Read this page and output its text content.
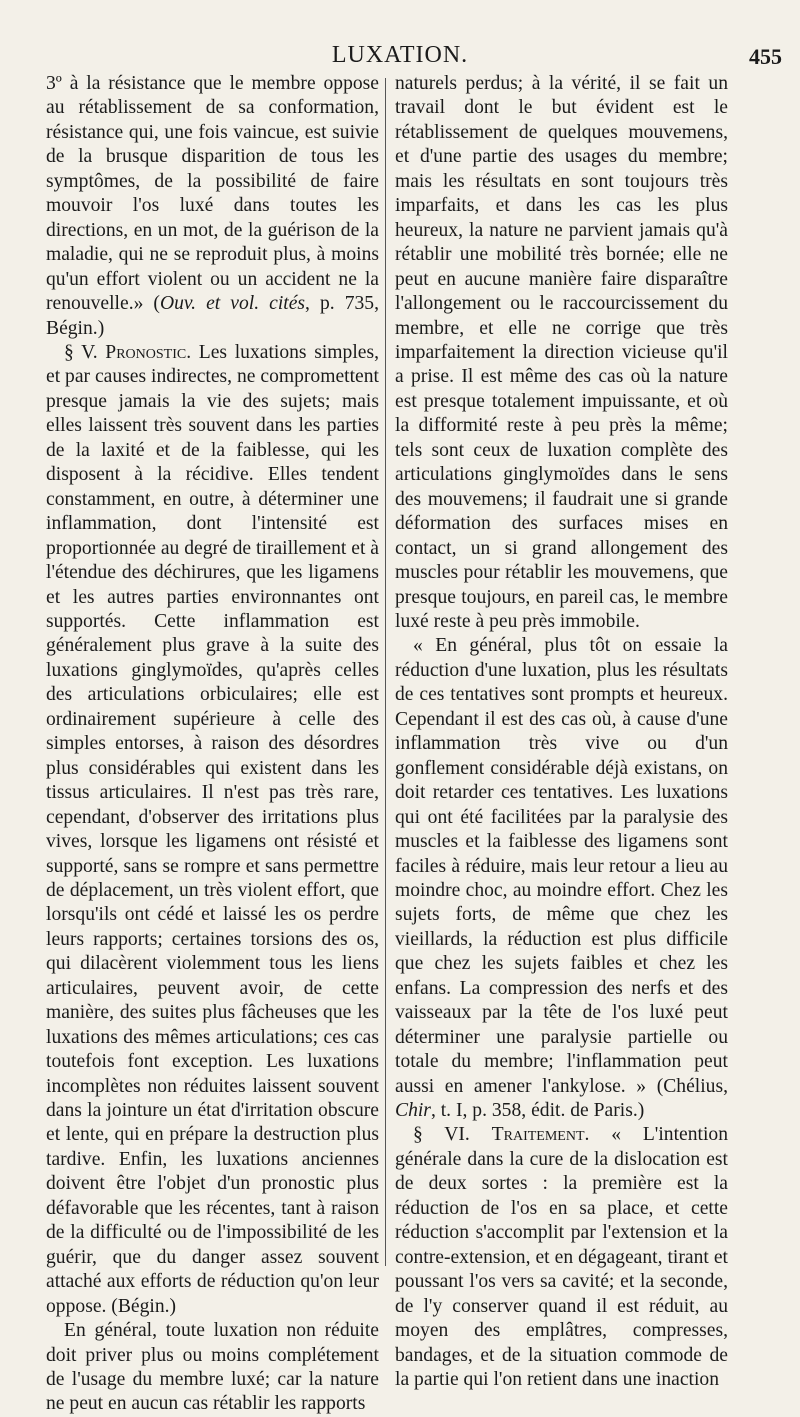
LUXATION.	455

3º à la résistance que le membre oppose au rétablissement de sa conformation, résistance qui, une fois vaincue, est suivie de la brusque disparition de tous les symptômes, de la possibilité de faire mouvoir l'os luxé dans toutes les directions, en un mot, de la guérison de la maladie, qui ne se reproduit plus, à moins qu'un effort violent ou un accident ne la renouvelle.» (Ouv. et vol. cités, p. 735, Bégin.)

§ V. Pronostic. Les luxations simples, et par causes indirectes, ne compromettent presque jamais la vie des sujets; mais elles laissent très souvent dans les parties de la laxité et de la faiblesse, qui les disposent à la récidive. Elles tendent constamment, en outre, à déterminer une inflammation, dont l'intensité est proportionnée au degré de tiraillement et à l'étendue des déchirures, que les ligamens et les autres parties environnantes ont supportés. Cette inflammation est généralement plus grave à la suite des luxations ginglymoïdes, qu'après celles des articulations orbiculaires; elle est ordinairement supérieure à celle des simples entorses, à raison des désordres plus considérables qui existent dans les tissus articulaires. Il n'est pas très rare, cependant, d'observer des irritations plus vives, lorsque les ligamens ont résisté et supporté, sans se rompre et sans permettre de déplacement, un très violent effort, que lorsqu'ils ont cédé et laissé les os perdre leurs rapports; certaines torsions des os, qui dilacèrent violemment tous les liens articulaires, peuvent avoir, de cette manière, des suites plus fâcheuses que les luxations des mêmes articulations; ces cas toutefois font exception. Les luxations incomplètes non réduites laissent souvent dans la jointure un état d'irritation obscure et lente, qui en prépare la destruction plus tardive. Enfin, les luxations anciennes doivent être l'objet d'un pronostic plus défavorable que les récentes, tant à raison de la difficulté ou de l'impossibilité de les guérir, que du danger assez souvent attaché aux efforts de réduction qu'on leur oppose. (Bégin.)

En général, toute luxation non réduite doit priver plus ou moins complétement de l'usage du membre luxé; car la nature ne peut en aucun cas rétablir les rapports

naturels perdus; à la vérité, il se fait un travail dont le but évident est le rétablissement de quelques mouvemens, et d'une partie des usages du membre; mais les résultats en sont toujours très imparfaits, et dans les cas les plus heureux, la nature ne parvient jamais qu'à rétablir une mobilité très bornée; elle ne peut en aucune manière faire disparaître l'allongement ou le raccourcissement du membre, et elle ne corrige que très imparfaitement la direction vicieuse qu'il a prise. Il est même des cas où la nature est presque totalement impuissante, et où la difformité reste à peu près la même; tels sont ceux de luxation complète des articulations ginglymoïdes dans le sens des mouvemens; il faudrait une si grande déformation des surfaces mises en contact, un si grand allongement des muscles pour rétablir les mouvemens, que presque toujours, en pareil cas, le membre luxé reste à peu près immobile.

« En général, plus tôt on essaie la réduction d'une luxation, plus les résultats de ces tentatives sont prompts et heureux. Cependant il est des cas où, à cause d'une inflammation très vive ou d'un gonflement considérable déjà existans, on doit retarder ces tentatives. Les luxations qui ont été facilitées par la paralysie des muscles et la faiblesse des ligamens sont faciles à réduire, mais leur retour a lieu au moindre choc, au moindre effort. Chez les sujets forts, de même que chez les vieillards, la réduction est plus difficile que chez les sujets faibles et chez les enfans. La compression des nerfs et des vaisseaux par la tête de l'os luxé peut déterminer une paralysie partielle ou totale du membre; l'inflammation peut aussi en amener l'ankylose. » (Chélius, Chir, t. I, p. 358, édit. de Paris.)

§ VI. Traitement. « L'intention générale dans la cure de la dislocation est de deux sortes : la première est la réduction de l'os en sa place, et cette réduction s'accomplit par l'extension et la contre-extension, et en dégageant, tirant et poussant l'os vers sa cavité; et la seconde, de l'y conserver quand il est réduit, au moyen des emplâtres, compresses, bandages, et de la situation commode de la partie qui l'on retient dans une inaction
